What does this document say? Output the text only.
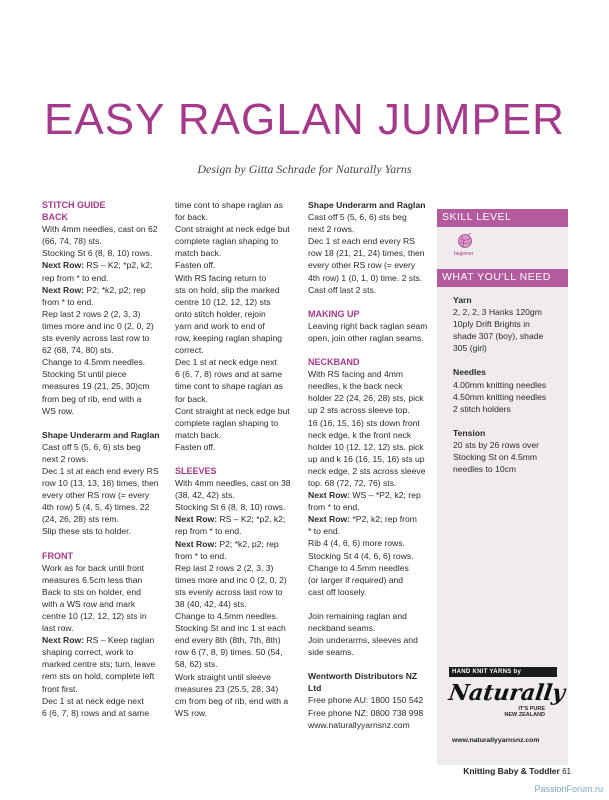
EASY RAGLAN JUMPER
Design by Gitta Schrade for Naturally Yarns

STITCH GUIDE

BACK

With 4mm needles, cast on 62

(66, 74, 78) sts.

Stocking St 6 (8, 8, 10) rows.

Next Row: RS – K2; *p2, k2;

rep from * to end.

Next Row: P2; *k2, p2; rep

from * to end.

Rep last 2 rows 2 (2, 3, 3)

times more and inc 0 (2, 0, 2)

sts evenly across last row to

62 (68, 74, 80) sts.

Change to 4.5mm needles.

Stocking St until piece

measures 19 (21, 25, 30)cm

from beg of rib, end with a

WS row.

Shape Underarm and Raglan

Cast off 5 (5, 6, 6) sts beg

next 2 rows.

Dec 1 st at each end every RS

row 10 (13, 13, 16) times, then

every other RS row (= every

4th row) 5 (4, 5, 4) times. 22

(24, 26, 28) sts rem.

Slip these sts to holder.

FRONT

Work as for back until front

measures 6.5cm less than

Back to sts on holder, end

with a WS row and mark

centre 10 (12, 12, 12) sts in

last row.

Next Row: RS – Keep raglan

shaping correct, work to

marked centre sts; turn, leave

rem sts on hold, complete left

front first.

Dec 1 st at neck edge next

6 (6, 7, 8) rows and at same

time cont to shape raglan as

for back.

Cont straight at neck edge but

complete raglan shaping to

match back.

Fasten off.

With RS facing return to

sts on hold, slip the marked

centre 10 (12, 12, 12) sts

onto stitch holder, rejoin

yarn and work to end of

row, keeping raglan shaping

correct.

Dec 1 st at neck edge next

6 (6, 7, 8) rows and at same

time cont to shape raglan as

for back.

Cont straight at neck edge but

complete raglan shaping to

match back.

Fasten off.

SLEEVES

With 4mm needles, cast on 38

(38, 42, 42) sts.

Stocking St 6 (8, 8, 10) rows.

Next Row: RS – K2; *p2, k2;

rep from * to end.

Next Row: P2; *k2, p2; rep

from * to end.

Rep last 2 rows 2 (2, 3, 3)

times more and inc 0 (2, 0, 2)

sts evenly across last row to

38 (40, 42, 44) sts.

Change to 4.5mm needles.

Stocking St and inc 1 st each

end every 8th (8th, 7th, 8th)

row 6 (7, 8, 9) times. 50 (54,

58, 62) sts.

Work straight until sleeve

measures 23 (25.5, 28, 34)

cm from beg of rib, end with a

WS row.

Shape Underarm and Raglan

Cast off 5 (5, 6, 6) sts beg

next 2 rows.

Dec 1 st each end every RS

row 18 (21, 21, 24) times, then

every other RS row (= every

4th row) 1 (0, 1, 0) time. 2 sts.

Cast off last 2 sts.

MAKING UP

Leaving right back raglan seam

open, join other raglan seams.

NECKBAND

With RS facing and 4mm

needles, k the back neck

holder 22 (24, 26, 28) sts, pick

up 2 sts across sleeve top.

16 (16, 15, 16) sts down front

neck edge, k the front neck

holder 10 (12, 12, 12) sts. pick

up and k 16 (16, 15, 16) sts up

neck edge, 2 sts across sleeve

top. 68 (72, 72, 76) sts.

Next Row: WS – *P2, k2; rep

from * to end.

Next Row: *P2, k2; rep from

* to end.

Rib 4 (4, 6, 6) more rows.

Stocking St 4 (4, 6, 6) rows.

Change to 4.5mm needles

(or larger if required) and

cast off loosely.

Join remaining raglan and

neckband seams.

Join underarms, sleeves and

side seams.

Wentworth Distributors NZ Ltd

Free phone AU: 1800 150 542

Free phone NZ: 0800 738 998

www.naturallyyarnsnz.com

SKILL LEVEL
beginner
WHAT YOU'LL NEED

Yarn

2, 2, 2, 3 Hanks 120gm

10ply Drift Brights in

shade 307 (boy), shade

305 (girl)

Needles

4.00mm knitting needles

4.50mm knitting needles

2 stitch holders

Tension

20 sts by 26 rows over

Stocking St on 4.5mm

needles to 10cm

HAND KNIT YARNS by
Naturally
IT'S PURE
NEW ZEALAND
www.naturallyyarnsnz.com
Knitting Baby & Toddler 61
PassionForum.ru
